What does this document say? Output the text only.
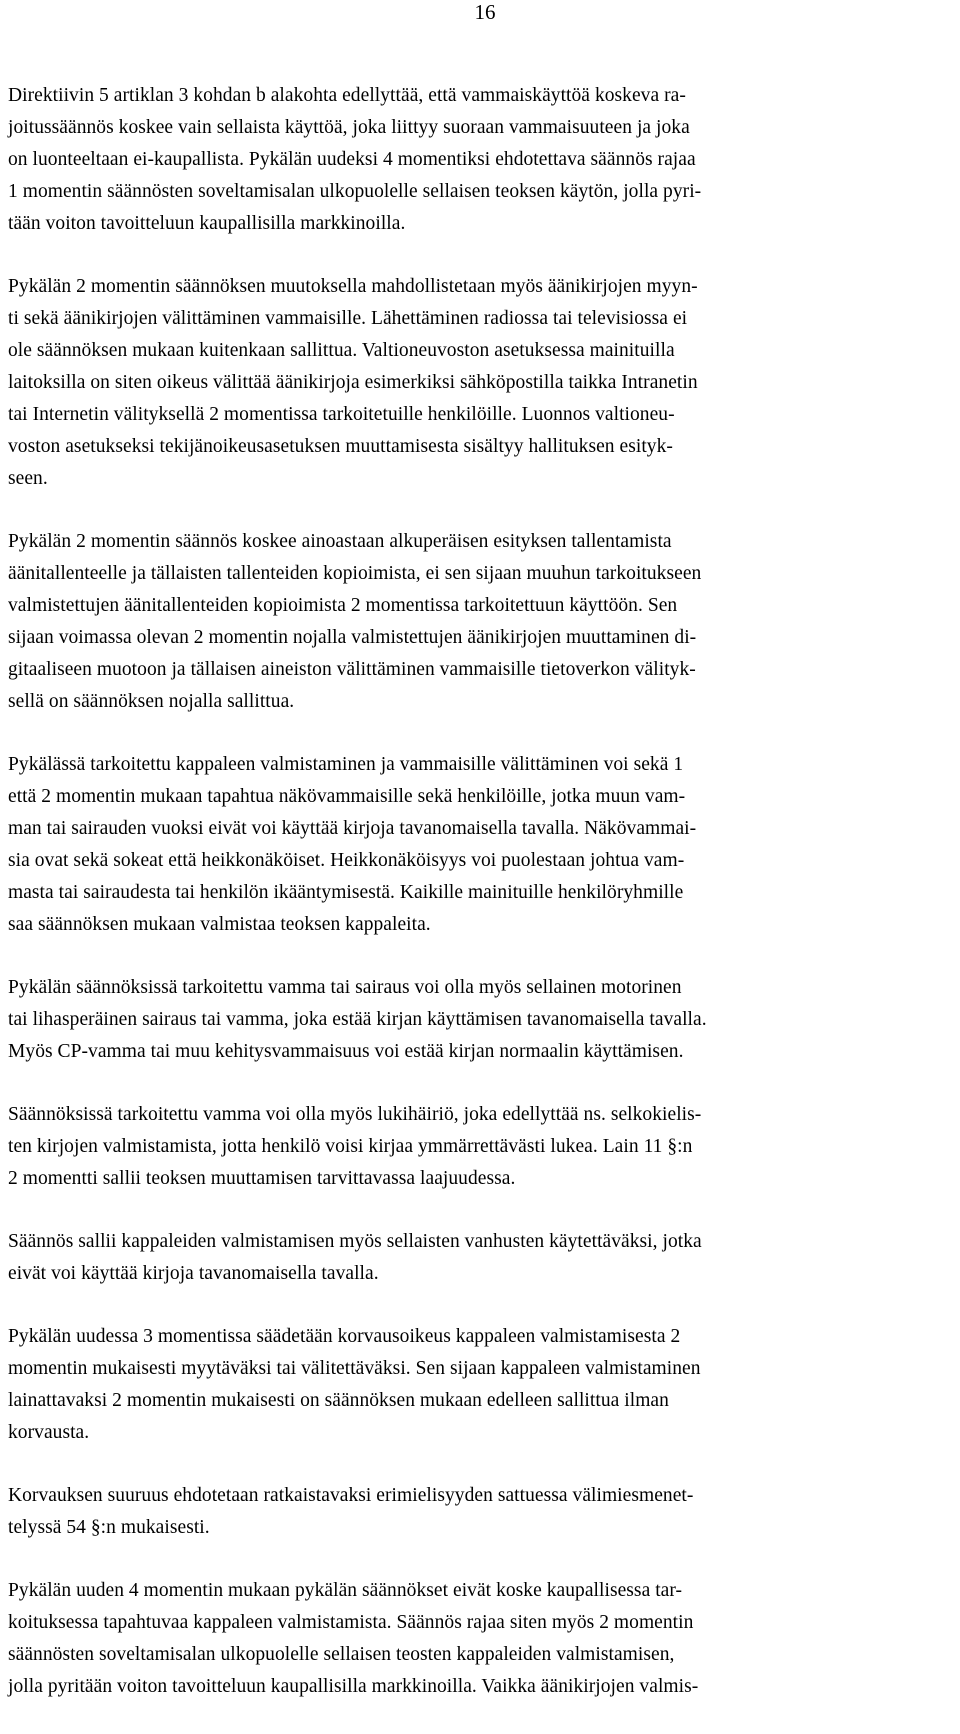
16

Direktiivin 5 artiklan 3 kohdan b alakohta edellyttää, että vammaiskäyttöä koskeva ra-
joitussäännös koskee vain sellaista käyttöä, joka liittyy suoraan vammaisuuteen ja joka
on luonteeltaan ei-kaupallista. Pykälän uudeksi 4 momentiksi ehdotettava säännös rajaa
1 momentin säännösten soveltamisalan ulkopuolelle sellaisen teoksen käytön, jolla pyri-
tään voiton tavoitteluun kaupallisilla markkinoilla.

Pykälän 2 momentin säännöksen muutoksella mahdollistetaan myös äänikirjojen myyn-
ti sekä äänikirjojen välittäminen vammaisille. Lähettäminen radiossa tai televisiossa ei
ole säännöksen mukaan kuitenkaan sallittua. Valtioneuvoston asetuksessa mainituilla
laitoksilla on siten oikeus välittää äänikirjoja esimerkiksi sähköpostilla taikka Intranetin
tai Internetin välityksellä 2 momentissa tarkoitetuille henkilöille. Luonnos valtioneu-
voston asetukseksi tekijänoikeusasetuksen muuttamisesta sisältyy hallituksen esityk-
seen.

Pykälän 2 momentin säännös koskee ainoastaan alkuperäisen esityksen tallentamista
äänitallenteelle ja tällaisten tallenteiden kopioimista, ei sen sijaan muuhun tarkoitukseen
valmistettujen äänitallenteiden kopioimista 2 momentissa tarkoitettuun käyttöön. Sen
sijaan voimassa olevan 2 momentin nojalla valmistettujen äänikirjojen muuttaminen di-
gitaaliseen muotoon ja tällaisen aineiston välittäminen vammaisille tietoverkon välityk-
sellä on säännöksen nojalla sallittua.

Pykälässä tarkoitettu kappaleen valmistaminen ja vammaisille välittäminen voi sekä 1
että 2 momentin mukaan tapahtua näkövammaisille sekä henkilöille, jotka muun vam-
man tai sairauden vuoksi eivät voi käyttää kirjoja tavanomaisella tavalla. Näkövammai-
sia ovat sekä sokeat että heikkonäköiset. Heikkonäköisyys voi puolestaan johtua vam-
masta tai sairaudesta tai henkilön ikääntymisestä. Kaikille mainituille henkilöryhmille
saa säännöksen mukaan valmistaa teoksen kappaleita.

Pykälän säännöksissä tarkoitettu vamma tai sairaus voi olla myös sellainen motorinen
tai lihasperäinen sairaus tai vamma, joka estää kirjan käyttämisen tavanomaisella tavalla.
Myös CP-vamma tai muu kehitysvammaisuus voi estää kirjan normaalin käyttämisen.

Säännöksissä tarkoitettu vamma voi olla myös lukihäiriö, joka edellyttää ns. selkokielis-
ten kirjojen valmistamista, jotta henkilö voisi kirjaa ymmärrettävästi lukea. Lain 11 §:n
2 momentti sallii teoksen muuttamisen tarvittavassa laajuudessa.

Säännös sallii kappaleiden valmistamisen myös sellaisten vanhusten käytettäväksi, jotka
eivät voi käyttää kirjoja tavanomaisella tavalla.

Pykälän uudessa 3 momentissa säädetään korvausoikeus kappaleen valmistamisesta 2
momentin mukaisesti myytäväksi tai välitettäväksi. Sen sijaan kappaleen valmistaminen
lainattavaksi 2 momentin mukaisesti on säännöksen mukaan edelleen sallittua ilman
korvausta.

Korvauksen suuruus ehdotetaan ratkaistavaksi erimielisyyden sattuessa välimiesmenet-
telyssä 54 §:n mukaisesti.

Pykälän uuden 4 momentin mukaan pykälän säännökset eivät koske kaupallisessa tar-
koituksessa tapahtuvaa kappaleen valmistamista. Säännös rajaa siten myös 2 momentin
säännösten soveltamisalan ulkopuolelle sellaisen teosten kappaleiden valmistamisen,
jolla pyritään voiton tavoitteluun kaupallisilla markkinoilla. Vaikka äänikirjojen valmis-
